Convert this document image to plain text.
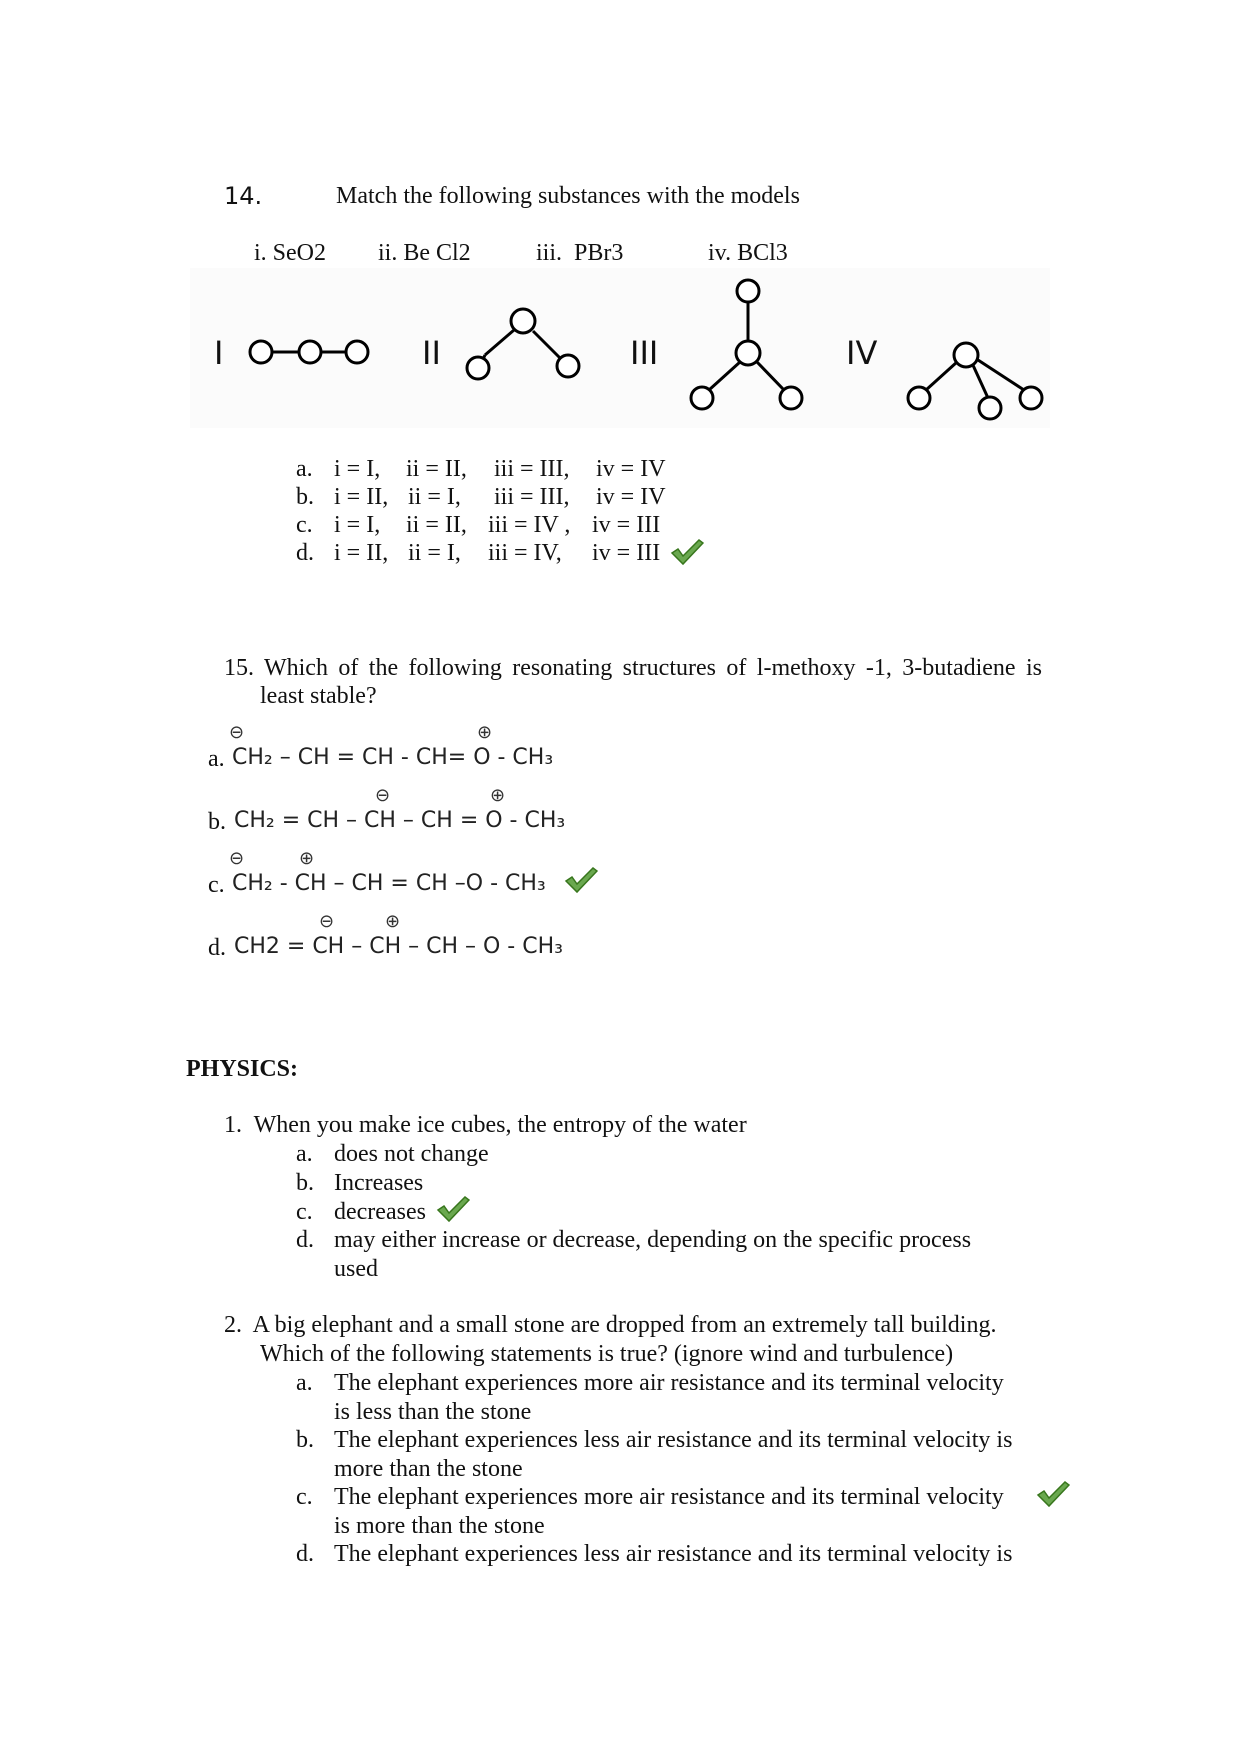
14.	Match the following substances with the models
i. SeO2 ii. Be Cl2	iii.  PBr3	iv. BCl3
I	II	III	IV
a. i = I, ii = II, iii = III, iv = IV
b. i = II, ii = I, iii = III, iv = IV
c. i = I, ii = II, iii = IV , iv = III
d. i = II, ii = I, iii = IV, iv = III
15. Which of the following resonating structures of l-methoxy -1, 3-butadiene is
least stable?
⊖	⊕
a. CH₂ – CH = CH - CH= O - CH₃
⊖	⊕
b. CH₂ = CH – CH – CH = O - CH₃
⊖	⊕
c. CH₂ - CH – CH = CH –O - CH₃
⊖	⊕
d. CH2 = CH – CH – CH – O - CH₃
PHYSICS:
1.  When you make ice cubes, the entropy of the water
a. does not change
b. Increases
c. decreases
d. may either increase or decrease, depending on the specific process
used
2.  A big elephant and a small stone are dropped from an extremely tall building.
Which of the following statements is true? (ignore wind and turbulence)
a. The elephant experiences more air resistance and its terminal velocity
is less than the stone
b. The elephant experiences less air resistance and its terminal velocity is
more than the stone
c. The elephant experiences more air resistance and its terminal velocity
is more than the stone
d. The elephant experiences less air resistance and its terminal velocity is
